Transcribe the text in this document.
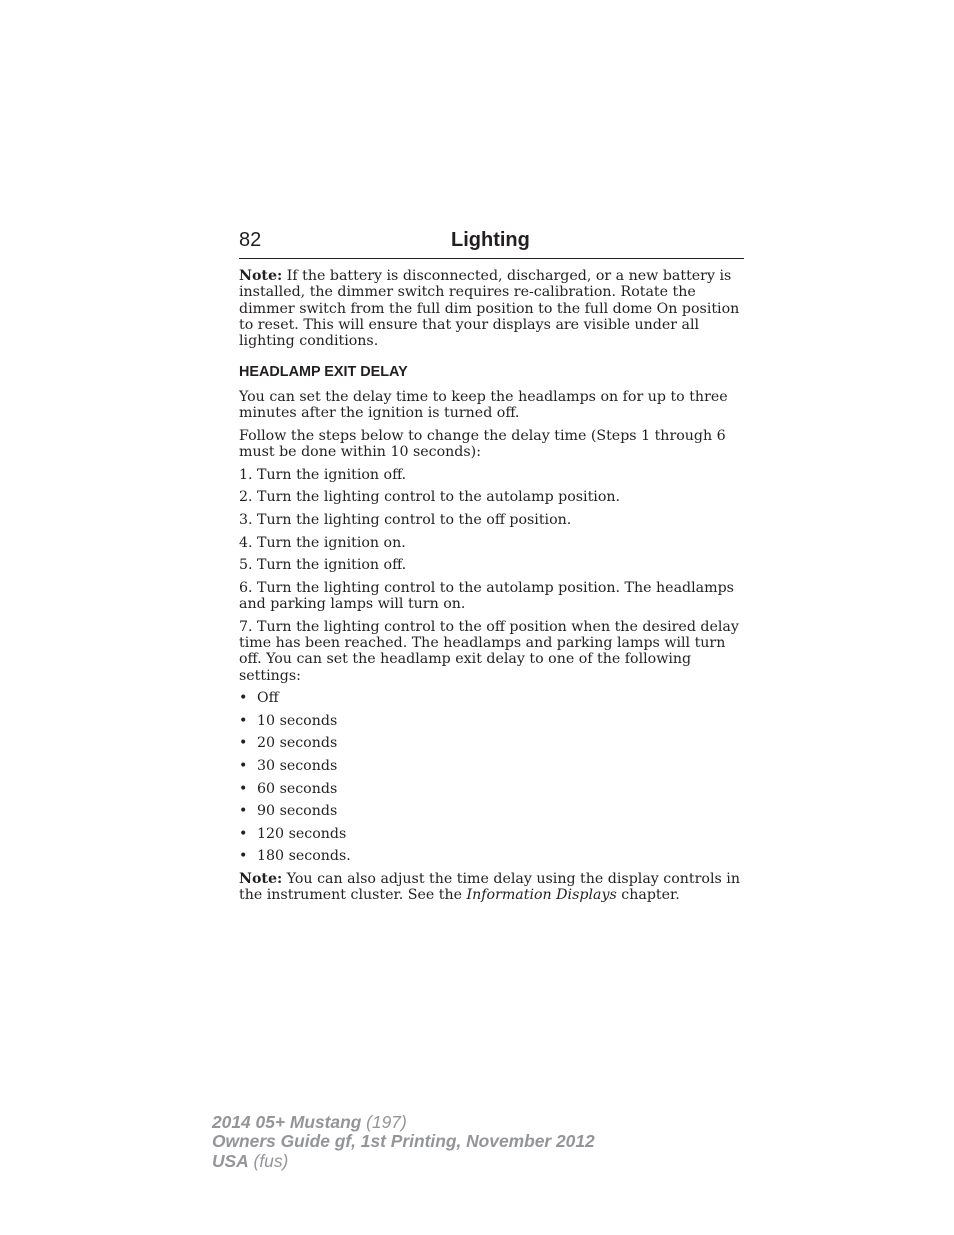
82	Lighting

Note: If the battery is disconnected, discharged, or a new battery is installed, the dimmer switch requires re-calibration. Rotate the dimmer switch from the full dim position to the full dome On position to reset. This will ensure that your displays are visible under all lighting conditions.

HEADLAMP EXIT DELAY

You can set the delay time to keep the headlamps on for up to three minutes after the ignition is turned off.

Follow the steps below to change the delay time (Steps 1 through 6 must be done within 10 seconds):

1. Turn the ignition off.

2. Turn the lighting control to the autolamp position.

3. Turn the lighting control to the off position.

4. Turn the ignition on.

5. Turn the ignition off.

6. Turn the lighting control to the autolamp position. The headlamps and parking lamps will turn on.

7. Turn the lighting control to the off position when the desired delay time has been reached. The headlamps and parking lamps will turn off. You can set the headlamp exit delay to one of the following settings:

• Off
• 10 seconds
• 20 seconds
• 30 seconds
• 60 seconds
• 90 seconds
• 120 seconds
• 180 seconds.

Note: You can also adjust the time delay using the display controls in the instrument cluster. See the Information Displays chapter.

2014 05+ Mustang (197)
Owners Guide gf, 1st Printing, November 2012
USA (fus)
